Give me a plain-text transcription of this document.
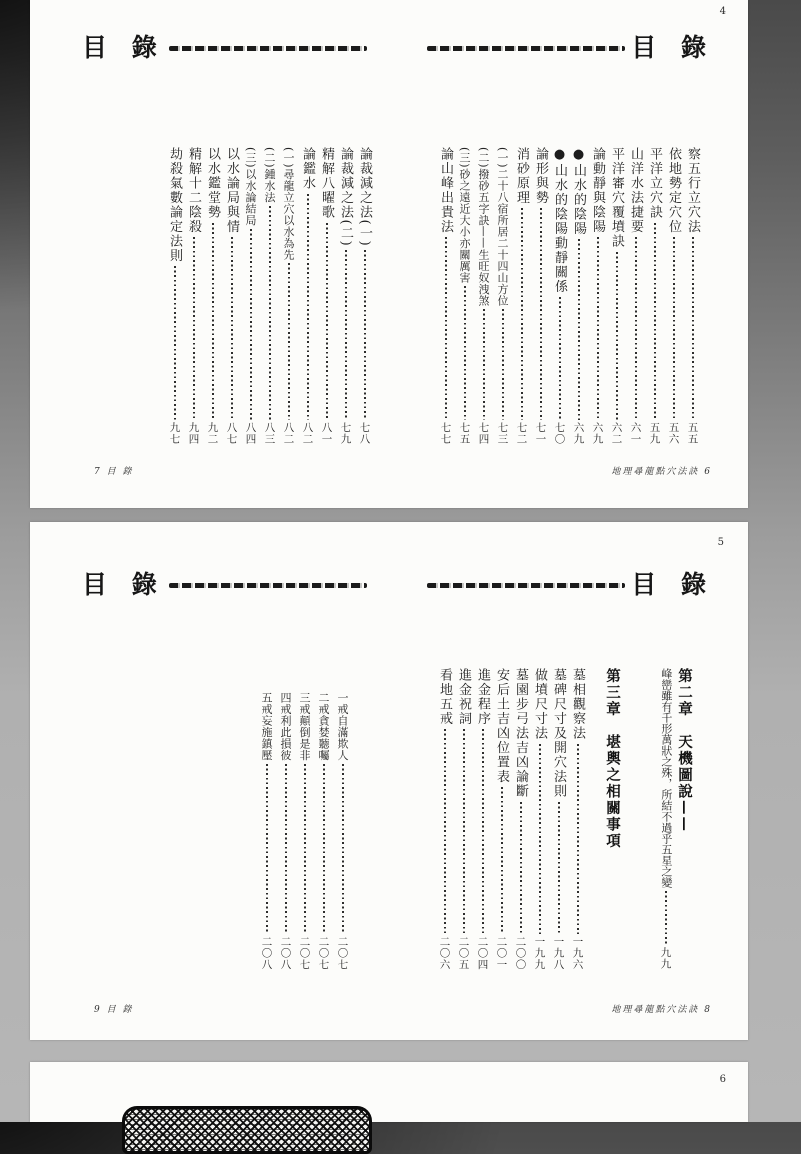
4
目 錄	目 錄
察五行立穴法
五五
依地勢定穴位
五六
平洋立穴訣
五九
山洋水法捷要
六一
平洋審穴覆墳訣
六二
論動靜與陰陽
六九
●山水的陰陽
六九
●山水的陰陽動靜關係
七〇
論形與勢
七一
消砂原理
七二
(一)二十八宿所居二十四山方位
七三
(二)撥砂五字訣——生旺奴洩煞
七四
(三)砂之遠近大小亦關厲害
七五
論山峰出貴法
七七
論裁減之法(一)
七八
論裁減之法(二)
七九
精解八曜歌
八一
論鑑水
八二
(一)尋龍立穴以水為先
八二
(二)鍾水法
八三
(三)以水論結局
八四
以水論局與情
八七
以水鑑堂勢
九二
精解十二陰殺
九四
劫殺氣數論定法則
九七
7 目 錄	地理尋龍點穴法訣 6
5
目 錄	目 錄
第二章　天機圖說——
峰巒雖有千形萬狀之殊，所結不過乎五星之變
九九
第三章　堪輿之相關事項
墓相觀察法
一九六
墓碑尺寸及開穴法則
一九八
做墳尺寸法
一九九
墓園步弓法吉凶論斷
二〇〇
安后土吉凶位置表
二〇一
進金程序
二〇四
進金祝詞
二〇五
看地五戒
二〇六
一戒自滿欺人
二〇七
二戒貪婪聽囑
二〇七
三戒顛倒是非
二〇七
四戒利此損彼
二〇八
五戒妄施鎮壓
二〇八
9 目 錄	地理尋龍點穴法訣 8
6
